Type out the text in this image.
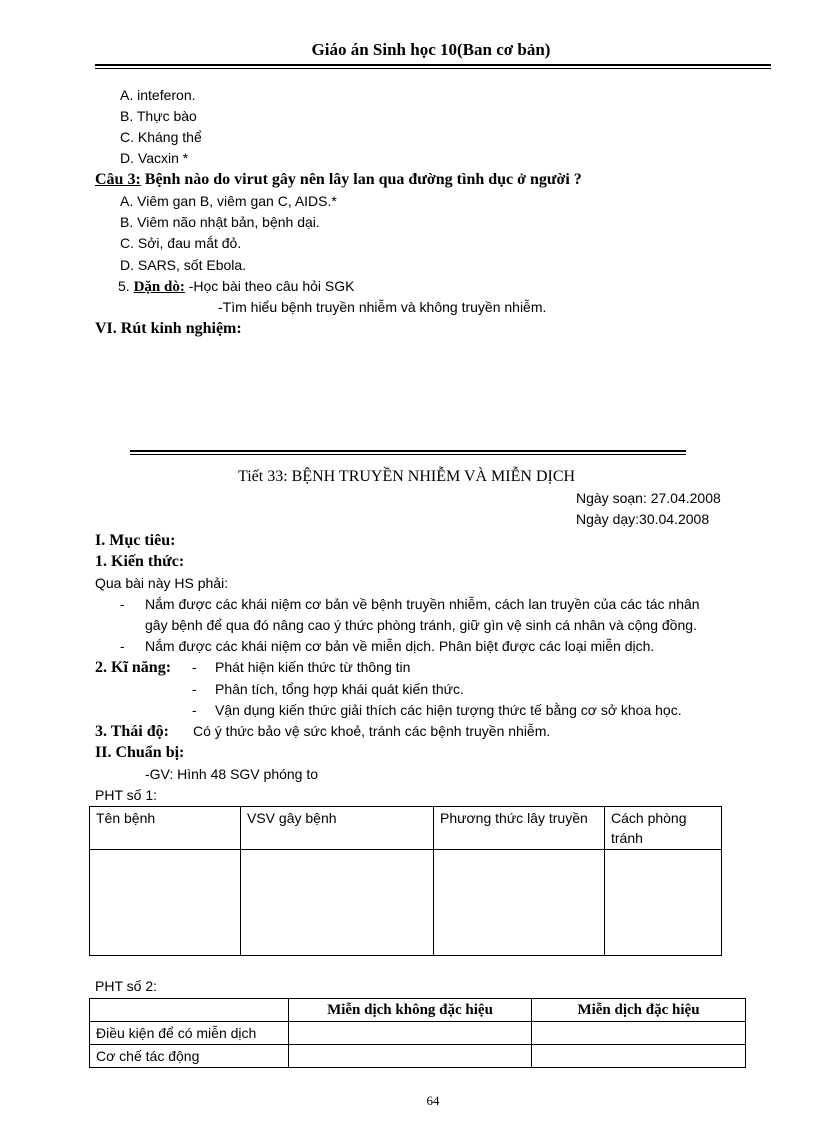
Giáo án Sinh học 10(Ban cơ bản)
A. inteferon.
B. Thực bào
C. Kháng thể
D. Vacxin *
Câu 3: Bệnh nào do virut gây nên lây lan qua đường tình dục ở người ?
A. Viêm gan B, viêm gan C, AIDS.*
B. Viêm não nhật bản, bệnh dại.
C. Sởi, đau mắt đỏ.
D. SARS, sốt Ebola.
5. Dặn dò: -Học bài theo câu hỏi SGK
-Tìm hiểu bệnh truyền nhiễm và không truyền nhiễm.
VI. Rút kinh nghiệm:
Tiết 33: BỆNH TRUYỀN NHIỄM VÀ MIỄN DỊCH
Ngày soạn: 27.04.2008
Ngày dạy:30.04.2008
I. Mục tiêu:
1. Kiến thức:
Qua bài này HS phải:
- Nắm được các khái niệm cơ bản về bệnh truyền nhiễm, cách lan truyền của các tác nhân
gây bệnh để qua đó nâng cao ý thức phòng tránh, giữ gìn vệ sinh cá nhân và cộng đồng.
- Nắm được các khái niệm cơ bản về miễn dịch. Phân biệt được các loại miễn dịch.
2. Kĩ năng: - Phát hiện kiến thức từ thông tin
- Phân tích, tổng hợp khái quát kiến thức.
- Vận dụng kiến thức giải thích các hiện tượng thức tế bằng cơ sở khoa học.
3. Thái độ: Có ý thức bảo vệ sức khoẻ, tránh các bệnh truyền nhiễm.
II. Chuẩn bị:
-GV: Hình 48 SGV phóng to
PHT số 1:
Tên bệnh	VSV gây bệnh	Phương thức lây truyền	Cách phòng tránh

PHT số 2:
	Miễn dịch không đặc hiệu	Miễn dịch đặc hiệu
Điều kiện để có miễn dịch		
Cơ chế tác động		
64
